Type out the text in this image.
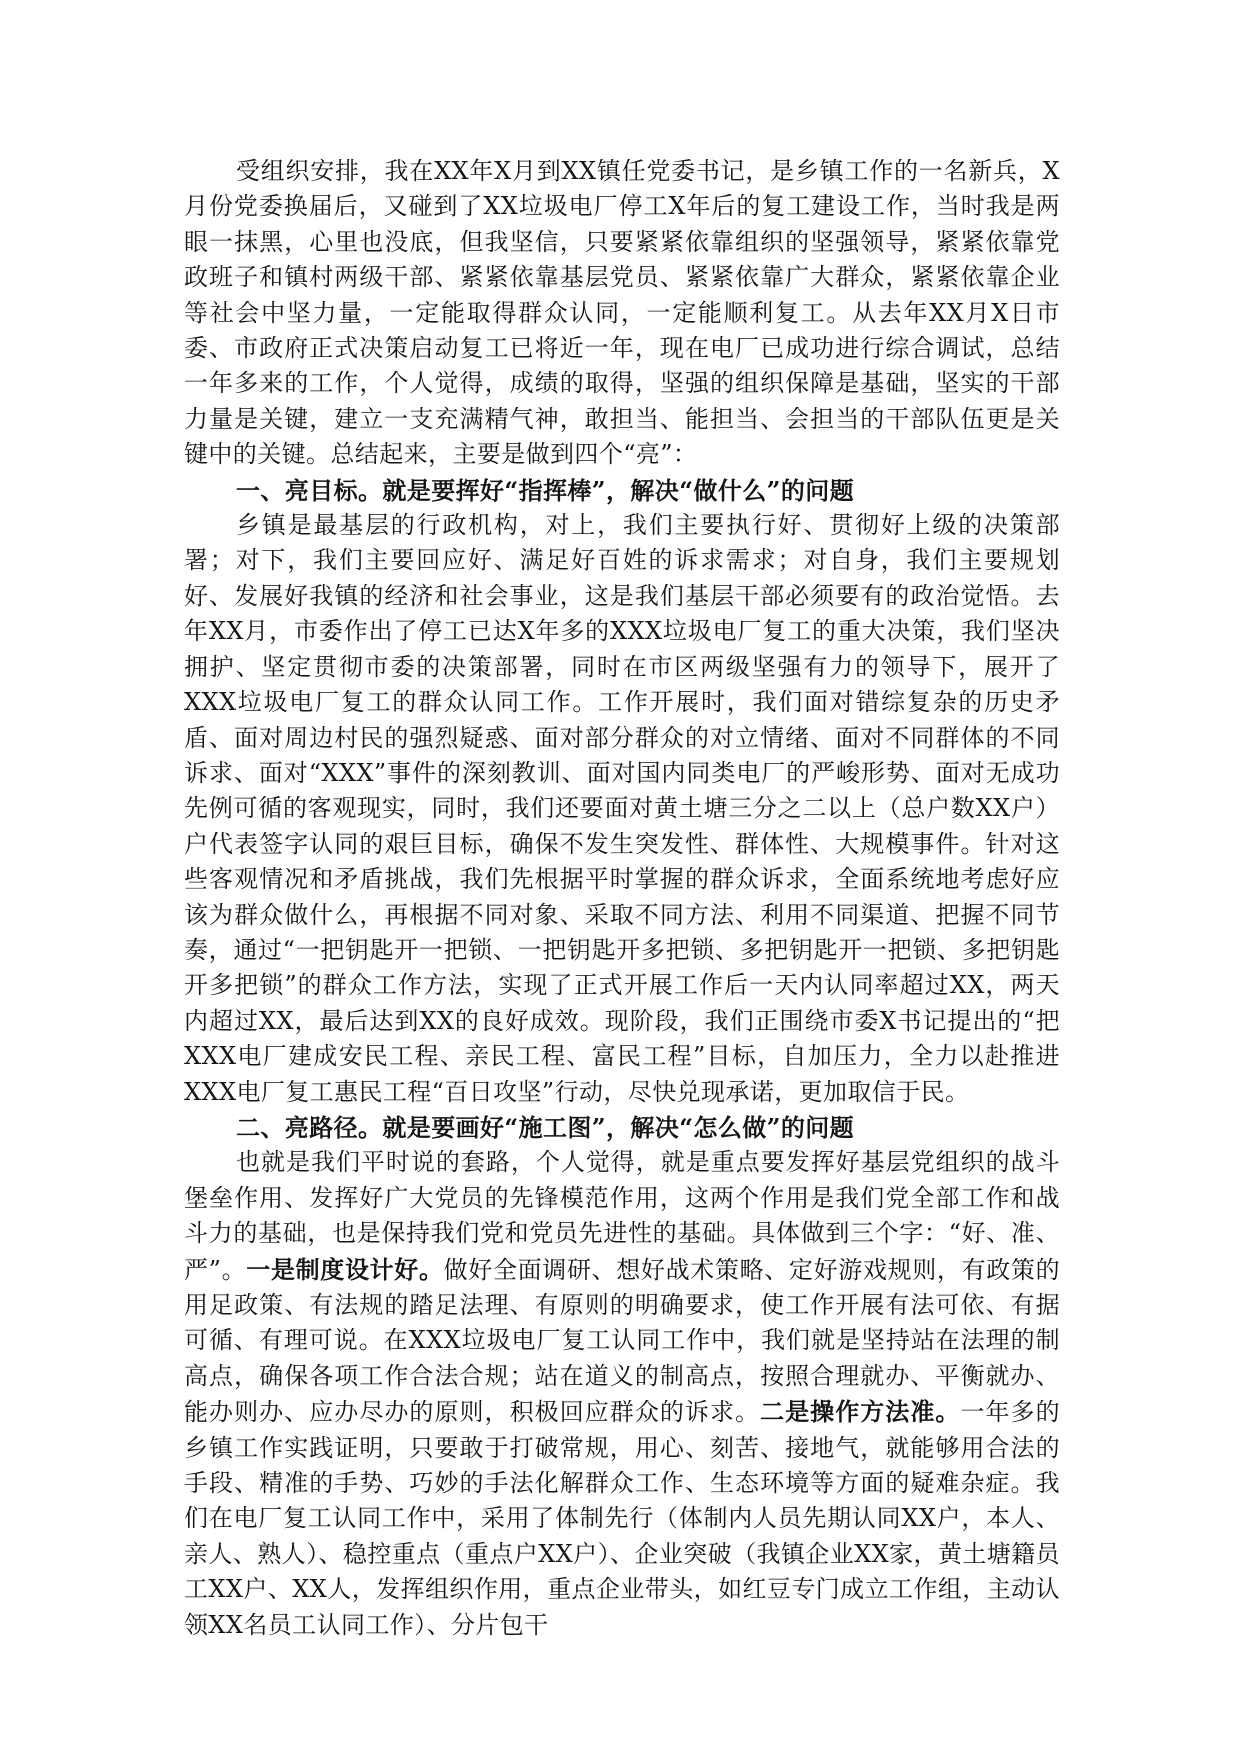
受组织安排，我在XX年X月到XX镇任党委书记，是乡镇工作的一名新兵，X月份党委换届后，又碰到了XX垃圾电厂停工X年后的复工建设工作，当时我是两眼一抹黑，心里也没底，但我坚信，只要紧紧依靠组织的坚强领导，紧紧依靠党政班子和镇村两级干部、紧紧依靠基层党员、紧紧依靠广大群众，紧紧依靠企业等社会中坚力量，一定能取得群众认同，一定能顺利复工。从去年XX月X日市委、市政府正式决策启动复工已将近一年，现在电厂已成功进行综合调试，总结一年多来的工作，个人觉得，成绩的取得，坚强的组织保障是基础，坚实的干部力量是关键，建立一支充满精气神，敢担当、能担当、会担当的干部队伍更是关键中的关键。总结起来，主要是做到四个“亮”：

一、亮目标。就是要挥好“指挥棒”，解决“做什么”的问题

乡镇是最基层的行政机构，对上，我们主要执行好、贯彻好上级的决策部署；对下，我们主要回应好、满足好百姓的诉求需求；对自身，我们主要规划好、发展好我镇的经济和社会事业，这是我们基层干部必须要有的政治觉悟。去年XX月，市委作出了停工已达X年多的XXX垃圾电厂复工的重大决策，我们坚决拥护、坚定贯彻市委的决策部署，同时在市区两级坚强有力的领导下，展开了XXX垃圾电厂复工的群众认同工作。工作开展时，我们面对错综复杂的历史矛盾、面对周边村民的强烈疑惑、面对部分群众的对立情绪、面对不同群体的不同诉求、面对“XXX”事件的深刻教训、面对国内同类电厂的严峻形势、面对无成功先例可循的客观现实，同时，我们还要面对黄土塘三分之二以上（总户数XX户）户代表签字认同的艰巨目标，确保不发生突发性、群体性、大规模事件。针对这些客观情况和矛盾挑战，我们先根据平时掌握的群众诉求，全面系统地考虑好应该为群众做什么，再根据不同对象、采取不同方法、利用不同渠道、把握不同节奏，通过“一把钥匙开一把锁、一把钥匙开多把锁、多把钥匙开一把锁、多把钥匙开多把锁”的群众工作方法，实现了正式开展工作后一天内认同率超过XX，两天内超过XX，最后达到XX的良好成效。现阶段，我们正围绕市委X书记提出的“把XXX电厂建成安民工程、亲民工程、富民工程”目标，自加压力，全力以赴推进XXX电厂复工惠民工程“百日攻坚”行动，尽快兑现承诺，更加取信于民。

二、亮路径。就是要画好“施工图”，解决“怎么做”的问题

也就是我们平时说的套路，个人觉得，就是重点要发挥好基层党组织的战斗堡垒作用、发挥好广大党员的先锋模范作用，这两个作用是我们党全部工作和战斗力的基础，也是保持我们党和党员先进性的基础。具体做到三个字：“好、准、严”。一是制度设计好。做好全面调研、想好战术策略、定好游戏规则，有政策的用足政策、有法规的踏足法理、有原则的明确要求，使工作开展有法可依、有据可循、有理可说。在XXX垃圾电厂复工认同工作中，我们就是坚持站在法理的制高点，确保各项工作合法合规；站在道义的制高点，按照合理就办、平衡就办、能办则办、应办尽办的原则，积极回应群众的诉求。二是操作方法准。一年多的乡镇工作实践证明，只要敢于打破常规，用心、刻苦、接地气，就能够用合法的手段、精准的手势、巧妙的手法化解群众工作、生态环境等方面的疑难杂症。我们在电厂复工认同工作中，采用了体制先行（体制内人员先期认同XX户，本人、亲人、熟人）、稳控重点（重点户XX户）、企业突破（我镇企业XX家，黄土塘籍员工XX户、XX人，发挥组织作用，重点企业带头，如红豆专门成立工作组，主动认领XX名员工认同工作）、分片包干
